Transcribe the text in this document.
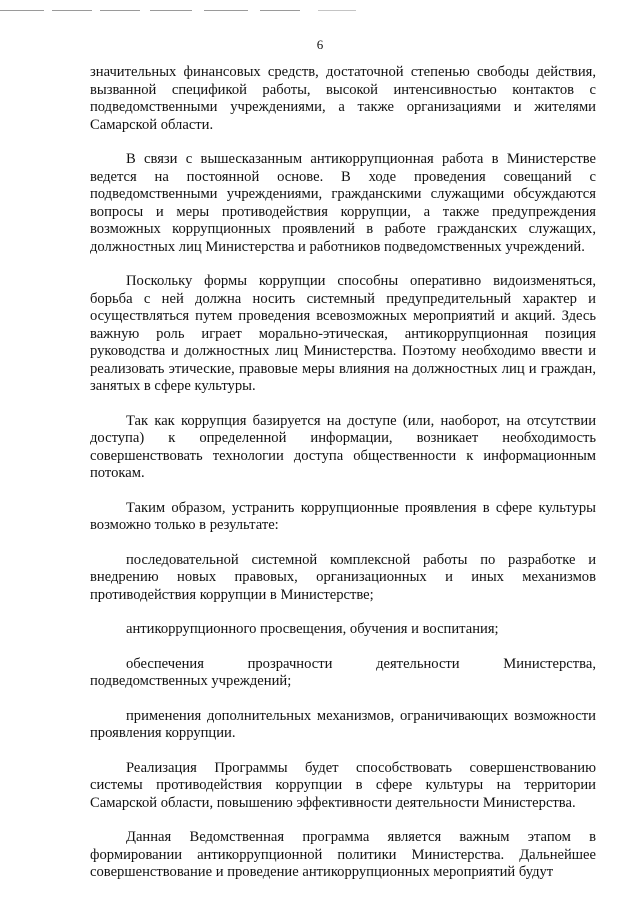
6

значительных финансовых средств, достаточной степенью свободы действия, вызванной спецификой работы, высокой интенсивностью контактов с подведомственными учреждениями, а также организациями и жителями Самарской области.

В связи с вышесказанным антикоррупционная работа в Министерстве ведется на постоянной основе. В ходе проведения совещаний с подведомственными учреждениями, гражданскими служащими обсуждаются вопросы и меры противодействия коррупции, а также предупреждения возможных коррупционных проявлений в работе гражданских служащих, должностных лиц Министерства и работников подведомственных учреждений.

Поскольку формы коррупции способны оперативно видоизменяться, борьба с ней должна носить системный предупредительный характер и осуществляться путем проведения всевозможных мероприятий и акций. Здесь важную роль играет морально-этическая, антикоррупционная позиция руководства и должностных лиц Министерства. Поэтому необходимо ввести и реализовать этические, правовые меры влияния на должностных лиц и граждан, занятых в сфере культуры.

Так как коррупция базируется на доступе (или, наоборот, на отсутствии доступа) к определенной информации, возникает необходимость совершенствовать технологии доступа общественности к информационным потокам.

Таким образом, устранить коррупционные проявления в сфере культуры возможно только в результате:

последовательной системной комплексной работы по разработке и внедрению новых правовых, организационных и иных механизмов противодействия коррупции в Министерстве;

антикоррупционного просвещения, обучения и воспитания;

обеспечения прозрачности деятельности Министерства, подведомственных учреждений;

применения дополнительных механизмов, ограничивающих возможности проявления коррупции.

Реализация Программы будет способствовать совершенствованию системы противодействия коррупции в сфере культуры на территории Самарской области, повышению эффективности деятельности Министерства.

Данная Ведомственная программа является важным этапом в формировании антикоррупционной политики Министерства. Дальнейшее совершенствование и проведение антикоррупционных мероприятий будут
